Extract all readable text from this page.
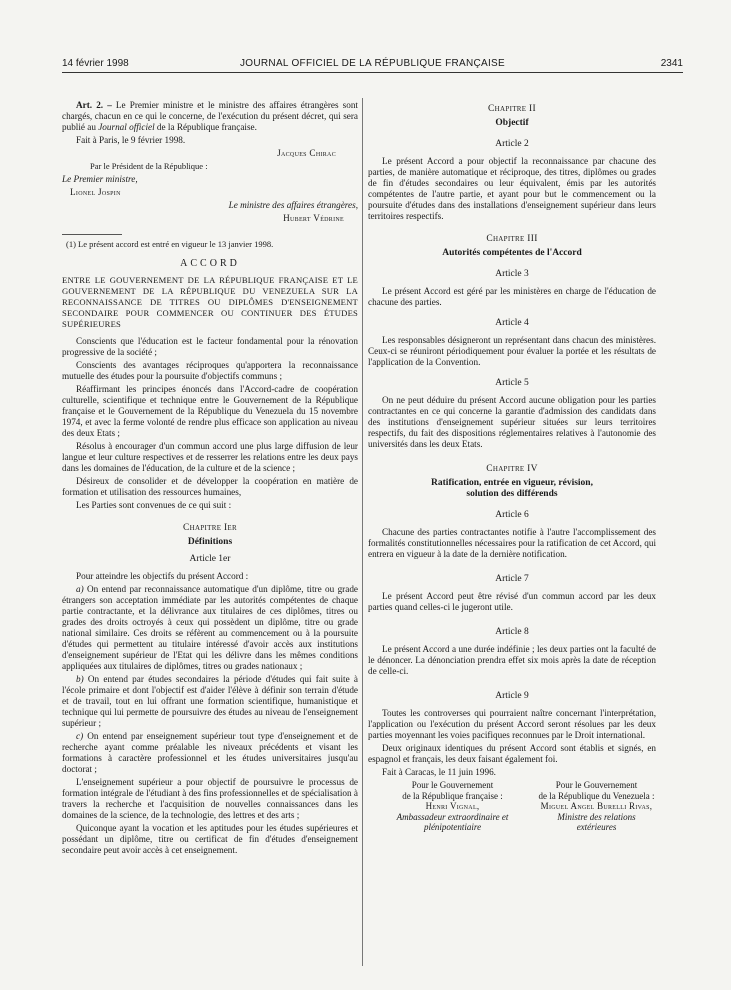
14 février 1998	JOURNAL OFFICIEL DE LA RÉPUBLIQUE FRANÇAISE	2341

Art. 2. – Le Premier ministre et le ministre des affaires étrangères sont chargés, chacun en ce qui le concerne, de l'exécution du présent décret, qui sera publié au Journal officiel de la République française.

Fait à Paris, le 9 février 1998.

Jacques Chirac

Par le Président de la République :

Le Premier ministre,

Lionel Jospin

Le ministre des affaires étrangères,

Hubert Védrine

(1) Le présent accord est entré en vigueur le 13 janvier 1998.

ACCORD

ENTRE LE GOUVERNEMENT DE LA RÉPUBLIQUE FRANÇAISE ET LE GOUVERNEMENT DE LA RÉPUBLIQUE DU VENEZUELA SUR LA RECONNAISSANCE DE TITRES OU DIPLÔMES D'ENSEIGNEMENT SECONDAIRE POUR COMMENCER OU CONTINUER DES ÉTUDES SUPÉRIEURES

Conscients que l'éducation est le facteur fondamental pour la rénovation progressive de la société ;

Conscients des avantages réciproques qu'apportera la reconnaissance mutuelle des études pour la poursuite d'objectifs communs ;

Réaffirmant les principes énoncés dans l'Accord-cadre de coopération culturelle, scientifique et technique entre le Gouvernement de la République française et le Gouvernement de la République du Venezuela du 15 novembre 1974, et avec la ferme volonté de rendre plus efficace son application au niveau des deux Etats ;

Résolus à encourager d'un commun accord une plus large diffusion de leur langue et leur culture respectives et de resserrer les relations entre les deux pays dans les domaines de l'éducation, de la culture et de la science ;

Désireux de consolider et de développer la coopération en matière de formation et utilisation des ressources humaines,

Les Parties sont convenues de ce qui suit :

Chapitre Ier

Définitions

Article 1er

Pour atteindre les objectifs du présent Accord :

a) On entend par reconnaissance automatique d'un diplôme, titre ou grade étrangers son acceptation immédiate par les autorités compétentes de chaque partie contractante, et la délivrance aux titulaires de ces diplômes, titres ou grades des droits octroyés à ceux qui possèdent un diplôme, titre ou grade national similaire. Ces droits se réfèrent au commencement ou à la poursuite d'études qui permettent au titulaire intéressé d'avoir accès aux institutions d'enseignement supérieur de l'Etat qui les délivre dans les mêmes conditions appliquées aux titulaires de diplômes, titres ou grades nationaux ;

b) On entend par études secondaires la période d'études qui fait suite à l'école primaire et dont l'objectif est d'aider l'élève à définir son terrain d'étude et de travail, tout en lui offrant une formation scientifique, humanistique et technique qui lui permette de poursuivre des études au niveau de l'enseignement supérieur ;

c) On entend par enseignement supérieur tout type d'enseignement et de recherche ayant comme préalable les niveaux précédents et visant les formations à caractère professionnel et les études universitaires jusqu'au doctorat ;

L'enseignement supérieur a pour objectif de poursuivre le processus de formation intégrale de l'étudiant à des fins professionnelles et de spécialisation à travers la recherche et l'acquisition de nouvelles connaissances dans les domaines de la science, de la technologie, des lettres et des arts ;

Quiconque ayant la vocation et les aptitudes pour les études supérieures et possédant un diplôme, titre ou certificat de fin d'études d'enseignement secondaire peut avoir accès à cet enseignement.

Chapitre II

Objectif

Article 2

Le présent Accord a pour objectif la reconnaissance par chacune des parties, de manière automatique et réciproque, des titres, diplômes ou grades de fin d'études secondaires ou leur équivalent, émis par les autorités compétentes de l'autre partie, et ayant pour but le commencement ou la poursuite d'études dans des installations d'enseignement supérieur dans leurs territoires respectifs.

Chapitre III

Autorités compétentes de l'Accord

Article 3

Le présent Accord est géré par les ministères en charge de l'éducation de chacune des parties.

Article 4

Les responsables désigneront un représentant dans chacun des ministères. Ceux-ci se réuniront périodiquement pour évaluer la portée et les résultats de l'application de la Convention.

Article 5

On ne peut déduire du présent Accord aucune obligation pour les parties contractantes en ce qui concerne la garantie d'admission des candidats dans des institutions d'enseignement supérieur situées sur leurs territoires respectifs, du fait des dispositions réglementaires relatives à l'autonomie des universités dans les deux Etats.

Chapitre IV

Ratification, entrée en vigueur, révision,

solution des différends

Article 6

Chacune des parties contractantes notifie à l'autre l'accomplissement des formalités constitutionnelles nécessaires pour la ratification de cet Accord, qui entrera en vigueur à la date de la dernière notification.

Article 7

Le présent Accord peut être révisé d'un commun accord par les deux parties quand celles-ci le jugeront utile.

Article 8

Le présent Accord a une durée indéfinie ; les deux parties ont la faculté de le dénoncer. La dénonciation prendra effet six mois après la date de réception de celle-ci.

Article 9

Toutes les controverses qui pourraient naître concernant l'interprétation, l'application ou l'exécution du présent Accord seront résolues par les deux parties moyennant les voies pacifiques reconnues par le Droit international.

Deux originaux identiques du présent Accord sont établis et signés, en espagnol et français, les deux faisant également foi.

Fait à Caracas, le 11 juin 1996.

Pour le Gouvernement
de la République française :
Henri Vignal,
Ambassadeur extraordinaire et plénipotentiaire

Pour le Gouvernement
de la République du Venezuela :
Miguel Angel Burelli Rivas,
Ministre des relations extérieures
